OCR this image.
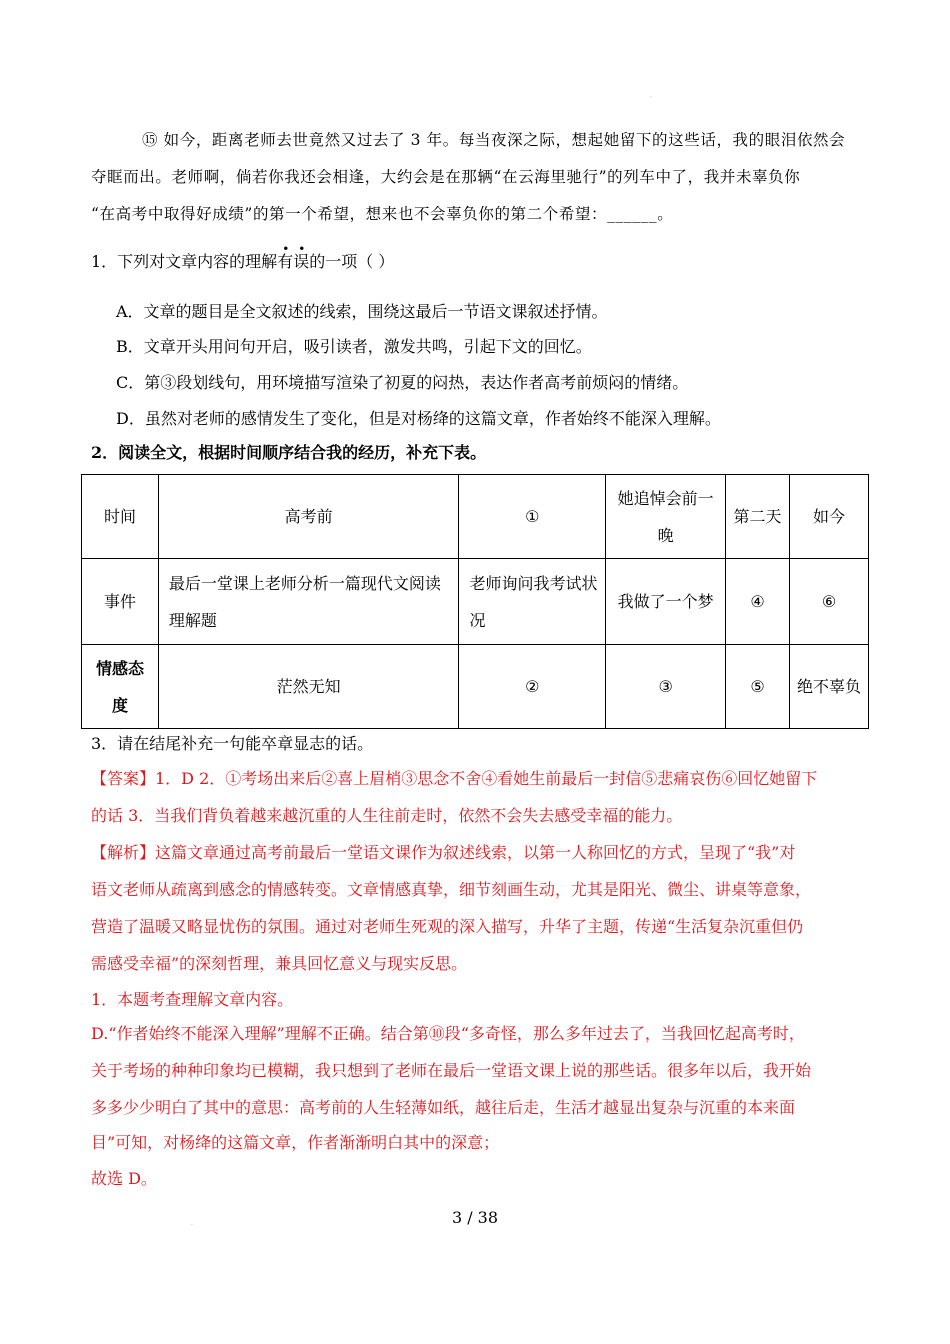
·

⑮ 如今，距离老师去世竟然又过去了 3 年。每当夜深之际，想起她留下的这些话，我的眼泪依然会

夺眶而出。老师啊，倘若你我还会相逢，大约会是在那辆“在云海里驰行”的列车中了，我并未辜负你

“在高考中取得好成绩”的第一个希望，想来也不会辜负你的第二个希望：______。

1．下列对文章内容的理解有误
• •
的一项（ ）

A．文章的题目是全文叙述的线索，围绕这最后一节语文课叙述抒情。

B．文章开头用问句开启，吸引读者，激发共鸣，引起下文的回忆。

C．第③段划线句，用环境描写渲染了初夏的闷热，表达作者高考前烦闷的情绪。

D．虽然对老师的感情发生了变化，但是对杨绛的这篇文章，作者始终不能深入理解。

2．阅读全文，根据时间顺序结合我的经历，补充下表。

时间	高考前	①	她追悼会前一晚	第二天	如今
事件	最后一堂课上老师分析一篇现代文阅读理解题	老师询问我考试状况	我做了一个梦	④	⑥
情感态度	茫然无知	②	③	⑤	绝不辜负

3．请在结尾补充一句能卒章显志的话。

【答案】1．D 2．①考场出来后②喜上眉梢③思念不舍④看她生前最后一封信⑤悲痛哀伤⑥回忆她留下

的话 3．当我们背负着越来越沉重的人生往前走时，依然不会失去感受幸福的能力。

【解析】这篇文章通过高考前最后一堂语文课作为叙述线索，以第一人称回忆的方式，呈现了“我”对

语文老师从疏离到感念的情感转变。文章情感真挚，细节刻画生动，尤其是阳光、微尘、讲桌等意象，

营造了温暖又略显忧伤的氛围。通过对老师生死观的深入描写，升华了主题，传递“生活复杂沉重但仍

需感受幸福”的深刻哲理，兼具回忆意义与现实反思。

1．本题考查理解文章内容。

D.“作者始终不能深入理解”理解不正确。结合第⑩段“多奇怪，那么多年过去了，当我回忆起高考时，

关于考场的种种印象均已模糊，我只想到了老师在最后一堂语文课上说的那些话。很多年以后，我开始

多多少少明白了其中的意思：高考前的人生轻薄如纸，越往后走，生活才越显出复杂与沉重的本来面

目”可知，对杨绛的这篇文章，作者渐渐明白其中的深意；

故选 D。

3 / 38
·
